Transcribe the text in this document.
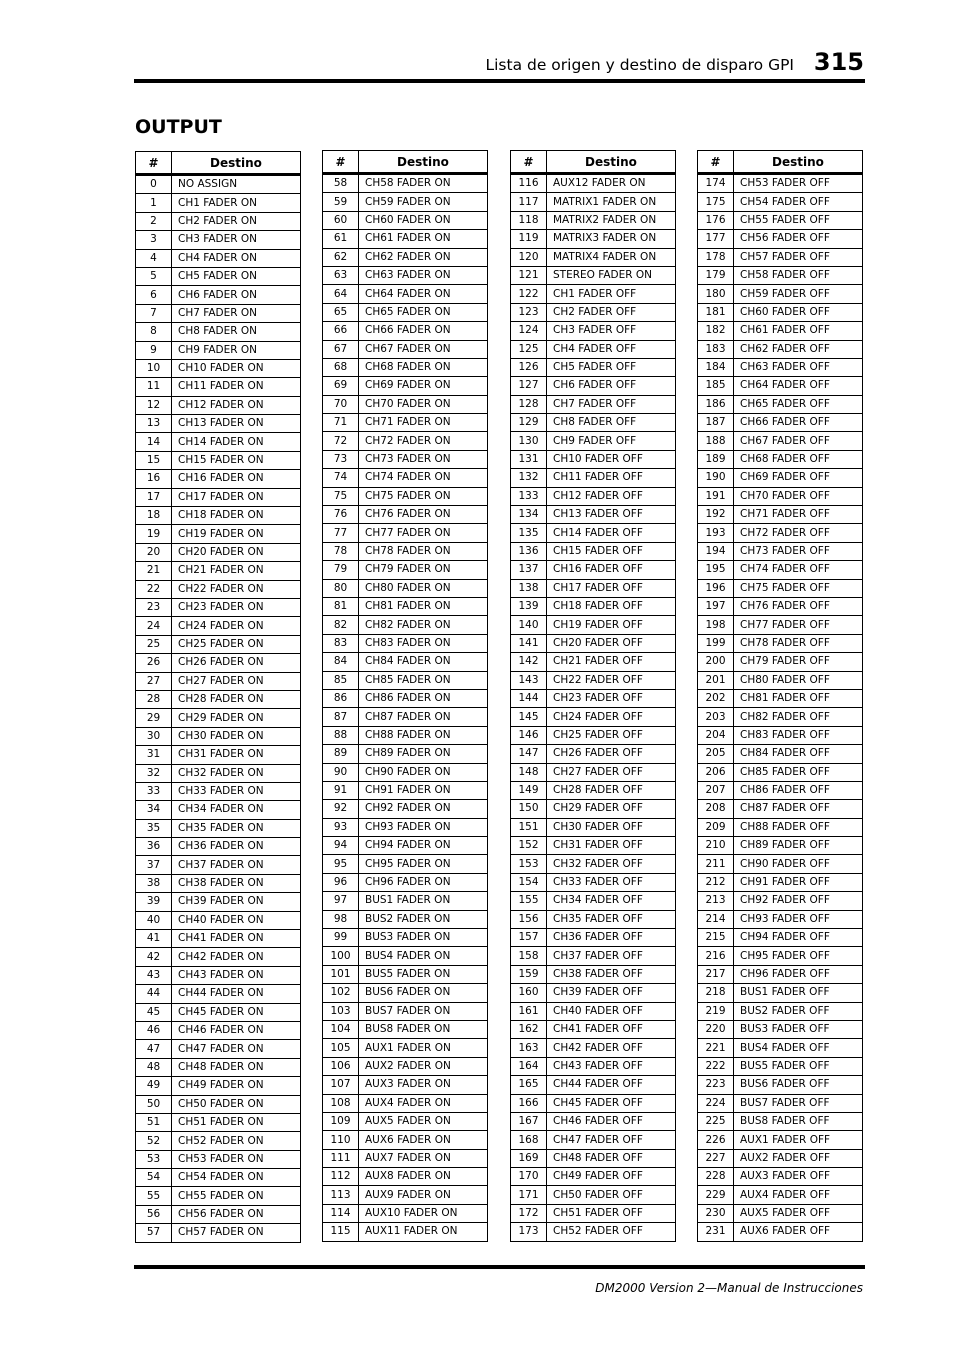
Lista de origen y destino de disparo GPI 315
OUTPUT
#	Destino
0	NO ASSIGN
1	CH1 FADER ON
2	CH2 FADER ON
3	CH3 FADER ON
4	CH4 FADER ON
5	CH5 FADER ON
6	CH6 FADER ON
7	CH7 FADER ON
8	CH8 FADER ON
9	CH9 FADER ON
10	CH10 FADER ON
11	CH11 FADER ON
12	CH12 FADER ON
13	CH13 FADER ON
14	CH14 FADER ON
15	CH15 FADER ON
16	CH16 FADER ON
17	CH17 FADER ON
18	CH18 FADER ON
19	CH19 FADER ON
20	CH20 FADER ON
21	CH21 FADER ON
22	CH22 FADER ON
23	CH23 FADER ON
24	CH24 FADER ON
25	CH25 FADER ON
26	CH26 FADER ON
27	CH27 FADER ON
28	CH28 FADER ON
29	CH29 FADER ON
30	CH30 FADER ON
31	CH31 FADER ON
32	CH32 FADER ON
33	CH33 FADER ON
34	CH34 FADER ON
35	CH35 FADER ON
36	CH36 FADER ON
37	CH37 FADER ON
38	CH38 FADER ON
39	CH39 FADER ON
40	CH40 FADER ON
41	CH41 FADER ON
42	CH42 FADER ON
43	CH43 FADER ON
44	CH44 FADER ON
45	CH45 FADER ON
46	CH46 FADER ON
47	CH47 FADER ON
48	CH48 FADER ON
49	CH49 FADER ON
50	CH50 FADER ON
51	CH51 FADER ON
52	CH52 FADER ON
53	CH53 FADER ON
54	CH54 FADER ON
55	CH55 FADER ON
56	CH56 FADER ON
57	CH57 FADER ON
#	Destino
58	CH58 FADER ON
59	CH59 FADER ON
60	CH60 FADER ON
61	CH61 FADER ON
62	CH62 FADER ON
63	CH63 FADER ON
64	CH64 FADER ON
65	CH65 FADER ON
66	CH66 FADER ON
67	CH67 FADER ON
68	CH68 FADER ON
69	CH69 FADER ON
70	CH70 FADER ON
71	CH71 FADER ON
72	CH72 FADER ON
73	CH73 FADER ON
74	CH74 FADER ON
75	CH75 FADER ON
76	CH76 FADER ON
77	CH77 FADER ON
78	CH78 FADER ON
79	CH79 FADER ON
80	CH80 FADER ON
81	CH81 FADER ON
82	CH82 FADER ON
83	CH83 FADER ON
84	CH84 FADER ON
85	CH85 FADER ON
86	CH86 FADER ON
87	CH87 FADER ON
88	CH88 FADER ON
89	CH89 FADER ON
90	CH90 FADER ON
91	CH91 FADER ON
92	CH92 FADER ON
93	CH93 FADER ON
94	CH94 FADER ON
95	CH95 FADER ON
96	CH96 FADER ON
97	BUS1 FADER ON
98	BUS2 FADER ON
99	BUS3 FADER ON
100	BUS4 FADER ON
101	BUS5 FADER ON
102	BUS6 FADER ON
103	BUS7 FADER ON
104	BUS8 FADER ON
105	AUX1 FADER ON
106	AUX2 FADER ON
107	AUX3 FADER ON
108	AUX4 FADER ON
109	AUX5 FADER ON
110	AUX6 FADER ON
111	AUX7 FADER ON
112	AUX8 FADER ON
113	AUX9 FADER ON
114	AUX10 FADER ON
115	AUX11 FADER ON
#	Destino
116	AUX12 FADER ON
117	MATRIX1 FADER ON
118	MATRIX2 FADER ON
119	MATRIX3 FADER ON
120	MATRIX4 FADER ON
121	STEREO FADER ON
122	CH1 FADER OFF
123	CH2 FADER OFF
124	CH3 FADER OFF
125	CH4 FADER OFF
126	CH5 FADER OFF
127	CH6 FADER OFF
128	CH7 FADER OFF
129	CH8 FADER OFF
130	CH9 FADER OFF
131	CH10 FADER OFF
132	CH11 FADER OFF
133	CH12 FADER OFF
134	CH13 FADER OFF
135	CH14 FADER OFF
136	CH15 FADER OFF
137	CH16 FADER OFF
138	CH17 FADER OFF
139	CH18 FADER OFF
140	CH19 FADER OFF
141	CH20 FADER OFF
142	CH21 FADER OFF
143	CH22 FADER OFF
144	CH23 FADER OFF
145	CH24 FADER OFF
146	CH25 FADER OFF
147	CH26 FADER OFF
148	CH27 FADER OFF
149	CH28 FADER OFF
150	CH29 FADER OFF
151	CH30 FADER OFF
152	CH31 FADER OFF
153	CH32 FADER OFF
154	CH33 FADER OFF
155	CH34 FADER OFF
156	CH35 FADER OFF
157	CH36 FADER OFF
158	CH37 FADER OFF
159	CH38 FADER OFF
160	CH39 FADER OFF
161	CH40 FADER OFF
162	CH41 FADER OFF
163	CH42 FADER OFF
164	CH43 FADER OFF
165	CH44 FADER OFF
166	CH45 FADER OFF
167	CH46 FADER OFF
168	CH47 FADER OFF
169	CH48 FADER OFF
170	CH49 FADER OFF
171	CH50 FADER OFF
172	CH51 FADER OFF
173	CH52 FADER OFF
#	Destino
174	CH53 FADER OFF
175	CH54 FADER OFF
176	CH55 FADER OFF
177	CH56 FADER OFF
178	CH57 FADER OFF
179	CH58 FADER OFF
180	CH59 FADER OFF
181	CH60 FADER OFF
182	CH61 FADER OFF
183	CH62 FADER OFF
184	CH63 FADER OFF
185	CH64 FADER OFF
186	CH65 FADER OFF
187	CH66 FADER OFF
188	CH67 FADER OFF
189	CH68 FADER OFF
190	CH69 FADER OFF
191	CH70 FADER OFF
192	CH71 FADER OFF
193	CH72 FADER OFF
194	CH73 FADER OFF
195	CH74 FADER OFF
196	CH75 FADER OFF
197	CH76 FADER OFF
198	CH77 FADER OFF
199	CH78 FADER OFF
200	CH79 FADER OFF
201	CH80 FADER OFF
202	CH81 FADER OFF
203	CH82 FADER OFF
204	CH83 FADER OFF
205	CH84 FADER OFF
206	CH85 FADER OFF
207	CH86 FADER OFF
208	CH87 FADER OFF
209	CH88 FADER OFF
210	CH89 FADER OFF
211	CH90 FADER OFF
212	CH91 FADER OFF
213	CH92 FADER OFF
214	CH93 FADER OFF
215	CH94 FADER OFF
216	CH95 FADER OFF
217	CH96 FADER OFF
218	BUS1 FADER OFF
219	BUS2 FADER OFF
220	BUS3 FADER OFF
221	BUS4 FADER OFF
222	BUS5 FADER OFF
223	BUS6 FADER OFF
224	BUS7 FADER OFF
225	BUS8 FADER OFF
226	AUX1 FADER OFF
227	AUX2 FADER OFF
228	AUX3 FADER OFF
229	AUX4 FADER OFF
230	AUX5 FADER OFF
231	AUX6 FADER OFF
DM2000 Version 2—Manual de Instrucciones
